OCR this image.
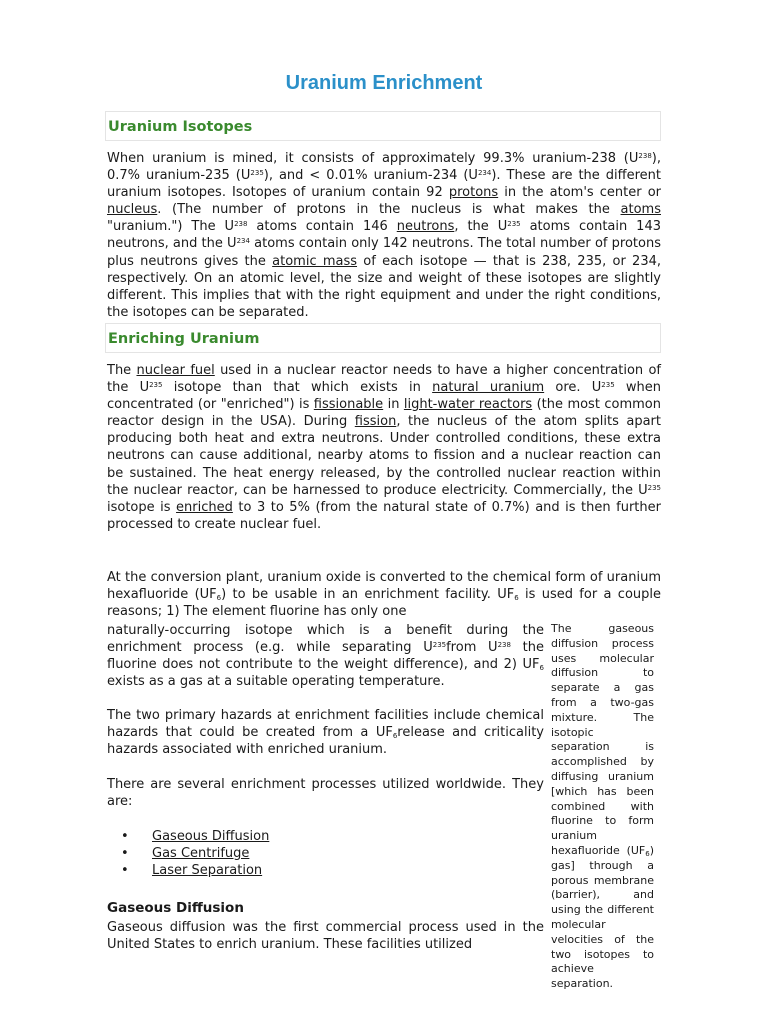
Uranium Enrichment
Uranium Isotopes

When uranium is mined, it consists of approximately 99.3% uranium-238 $(U^{238})$, 0.7% uranium-235 $(U^{235})$, and < 0.01% uranium-234 $(U^{234})$. These are the different uranium isotopes. Isotopes of uranium contain 92 protons in the atom's center or nucleus. (The number of protons in the nucleus is what makes the atoms "uranium.") The $U^{238}$ atoms contain 146 neutrons, the $U^{235}$ atoms contain 143 neutrons, and the $U^{234}$ atoms contain only 142 neutrons. The total number of protons plus neutrons gives the atomic mass of each isotope — that is 238, 235, or 234, respectively. On an atomic level, the size and weight of these isotopes are slightly different. This implies that with the right equipment and under the right conditions, the isotopes can be separated.

Enriching Uranium

The nuclear fuel used in a nuclear reactor needs to have a higher concentration of the $U^{235}$ isotope than that which exists in natural uranium ore. $U^{235}$ when concentrated (or "enriched") is fissionable in light-water reactors (the most common reactor design in the USA). During fission, the nucleus of the atom splits apart producing both heat and extra neutrons. Under controlled conditions, these extra neutrons can cause additional, nearby atoms to fission and a nuclear reaction can be sustained. The heat energy released, by the controlled nuclear reaction within the nuclear reactor, can be harnessed to produce electricity. Commercially, the $U^{235}$ isotope is enriched to 3 to 5% (from the natural state of 0.7%) and is then further processed to create nuclear fuel.

At the conversion plant, uranium oxide is converted to the chemical form of uranium hexafluoride $(UF_6)$ to be usable in an enrichment facility. $UF_6$ is used for a couple reasons; 1) The element fluorine has only one

naturally-occurring isotope which is a benefit during the enrichment process (e.g. while separating $U^{235}from$ $U^{238}$ the fluorine does not contribute to the weight difference), and 2) $UF_6$ exists as a gas at a suitable operating temperature.

The two primary hazards at enrichment facilities include chemical hazards that could be created from a $UF_6release$ and criticality hazards associated with enriched uranium.

There are several enrichment processes utilized worldwide. They are:

• Gaseous Diffusion
• Gas Centrifuge
• Laser Separation
Gaseous Diffusion

Gaseous diffusion was the first commercial process used in the United States to enrich uranium. These facilities utilized

The gaseous diffusion process uses molecular diffusion to separate a gas from a two-gas mixture. The isotopic separation is accomplished by diffusing uranium [which has been combined with fluorine to form uranium hexafluoride $(UF_6)$ gas] through a porous membrane (barrier), and using the different molecular velocities of the two isotopes to achieve separation.
